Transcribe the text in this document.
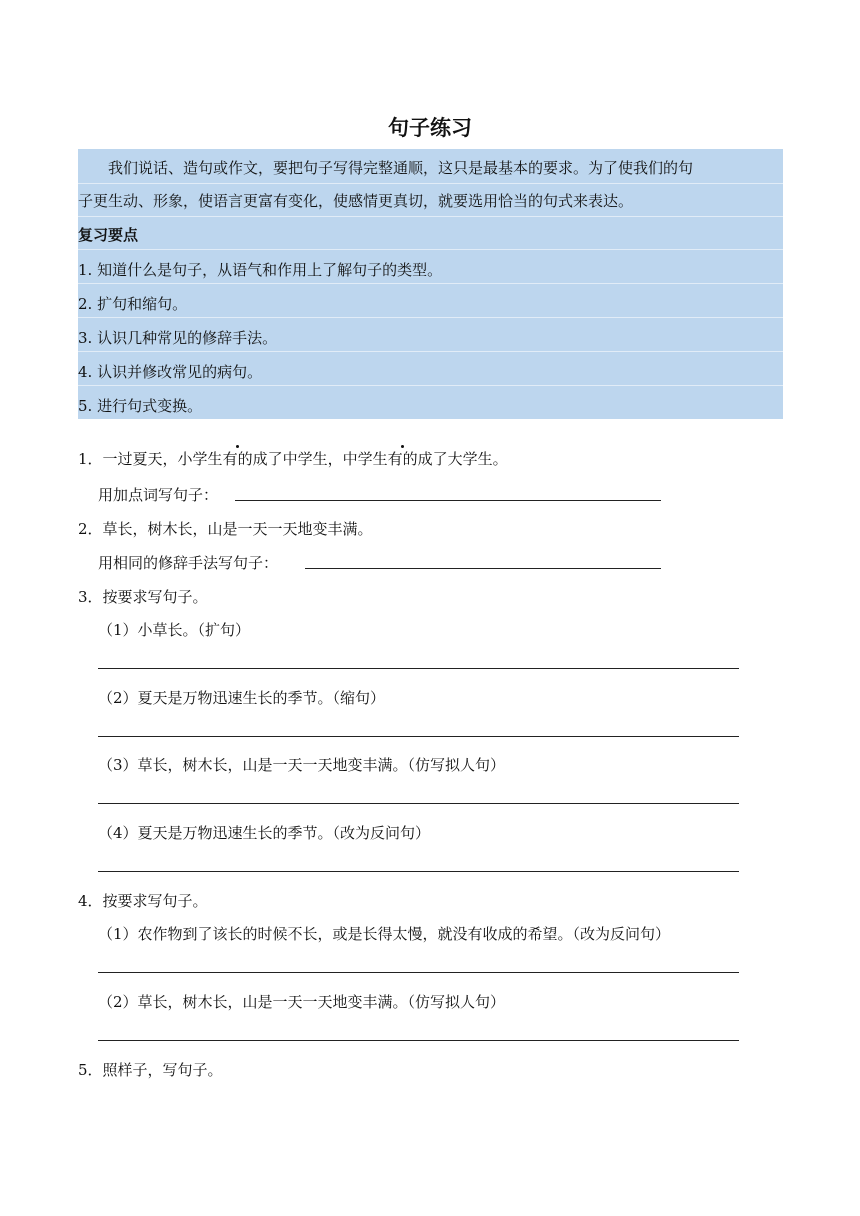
句子练习
我们说话、造句或作文，要把句子写得完整通顺，这只是最基本的要求。为了使我们的句
子更生动、形象，使语言更富有变化，使感情更真切，就要选用恰当的句式来表达。
复习要点
1. 知道什么是句子，从语气和作用上了解句子的类型。
2. 扩句和缩句。
3. 认识几种常见的修辞手法。
4. 认识并修改常见的病句。
5. 进行句式变换。
1．一过夏天，小学生有的成了中学生，中学生有的成了大学生。
用加点词写句子：
2．草长，树木长，山是一天一天地变丰满。
用相同的修辞手法写句子：
3．按要求写句子。
（1）小草长。（扩句）
（2）夏天是万物迅速生长的季节。（缩句）
（3）草长，树木长，山是一天一天地变丰满。（仿写拟人句）
（4）夏天是万物迅速生长的季节。（改为反问句）
4．按要求写句子。
（1）农作物到了该长的时候不长，或是长得太慢，就没有收成的希望。（改为反问句）
（2）草长，树木长，山是一天一天地变丰满。（仿写拟人句）
5．照样子，写句子。
